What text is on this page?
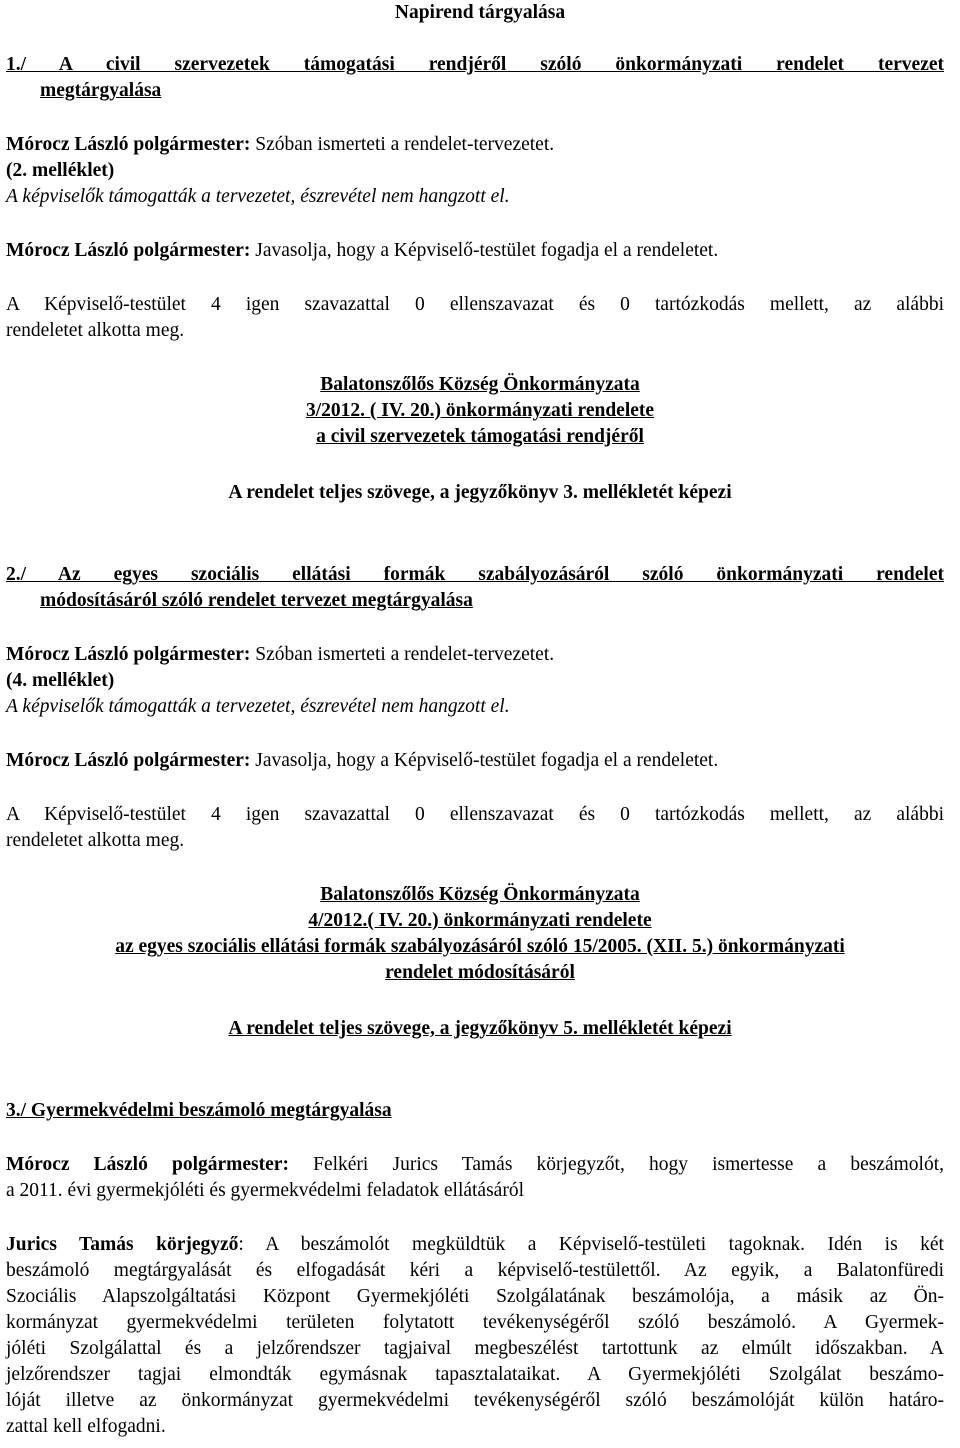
Napirend tárgyalása
1./ A civil szervezetek támogatási rendjéről szóló önkormányzati rendelet tervezet
megtárgyalása
Mórocz László polgármester: Szóban ismerteti a rendelet-tervezetet.
(2. melléklet)
A képviselők támogatták a tervezetet, észrevétel nem hangzott el.
Mórocz László polgármester: Javasolja, hogy a Képviselő-testület fogadja el a rendeletet.
A Képviselő-testület 4 igen szavazattal 0 ellenszavazat és 0 tartózkodás mellett, az alábbi
rendeletet alkotta meg.
Balatonszőlős Község Önkormányzata
3/2012. ( IV. 20.) önkormányzati rendelete
a civil szervezetek támogatási rendjéről
A rendelet teljes szövege, a jegyzőkönyv 3. mellékletét képezi
2./ Az egyes szociális ellátási formák szabályozásáról szóló önkormányzati rendelet
módosításáról szóló rendelet tervezet megtárgyalása
Mórocz László polgármester: Szóban ismerteti a rendelet-tervezetet.
(4. melléklet)
A képviselők támogatták a tervezetet, észrevétel nem hangzott el.
Mórocz László polgármester: Javasolja, hogy a Képviselő-testület fogadja el a rendeletet.
A Képviselő-testület 4 igen szavazattal 0 ellenszavazat és 0 tartózkodás mellett, az alábbi
rendeletet alkotta meg.
Balatonszőlős Község Önkormányzata
4/2012.( IV. 20.) önkormányzati rendelete
az egyes szociális ellátási formák szabályozásáról szóló 15/2005. (XII. 5.) önkormányzati
rendelet módosításáról
A rendelet teljes szövege, a jegyzőkönyv 5. mellékletét képezi
3./ Gyermekvédelmi beszámoló megtárgyalása
Mórocz László polgármester: Felkéri Jurics Tamás körjegyzőt, hogy ismertesse a beszámolót,
a 2011. évi gyermekjóléti és gyermekvédelmi feladatok ellátásáról
Jurics Tamás körjegyző: A beszámolót megküldtük a Képviselő-testületi tagoknak. Idén is két
beszámoló megtárgyalását és elfogadását kéri a képviselő-testülettől. Az egyik, a Balatonfüredi
Szociális Alapszolgáltatási Központ Gyermekjóléti Szolgálatának beszámolója, a másik az Ön-
kormányzat gyermekvédelmi területen folytatott tevékenységéről szóló beszámoló. A Gyermek-
jóléti Szolgálattal és a jelzőrendszer tagjaival megbeszélést tartottunk az elmúlt időszakban. A
jelzőrendszer tagjai elmondták egymásnak tapasztalataikat. A Gyermekjóléti Szolgálat beszámo-
lóját illetve az önkormányzat gyermekvédelmi tevékenységéről szóló beszámolóját külön határo-
zattal kell elfogadni.
